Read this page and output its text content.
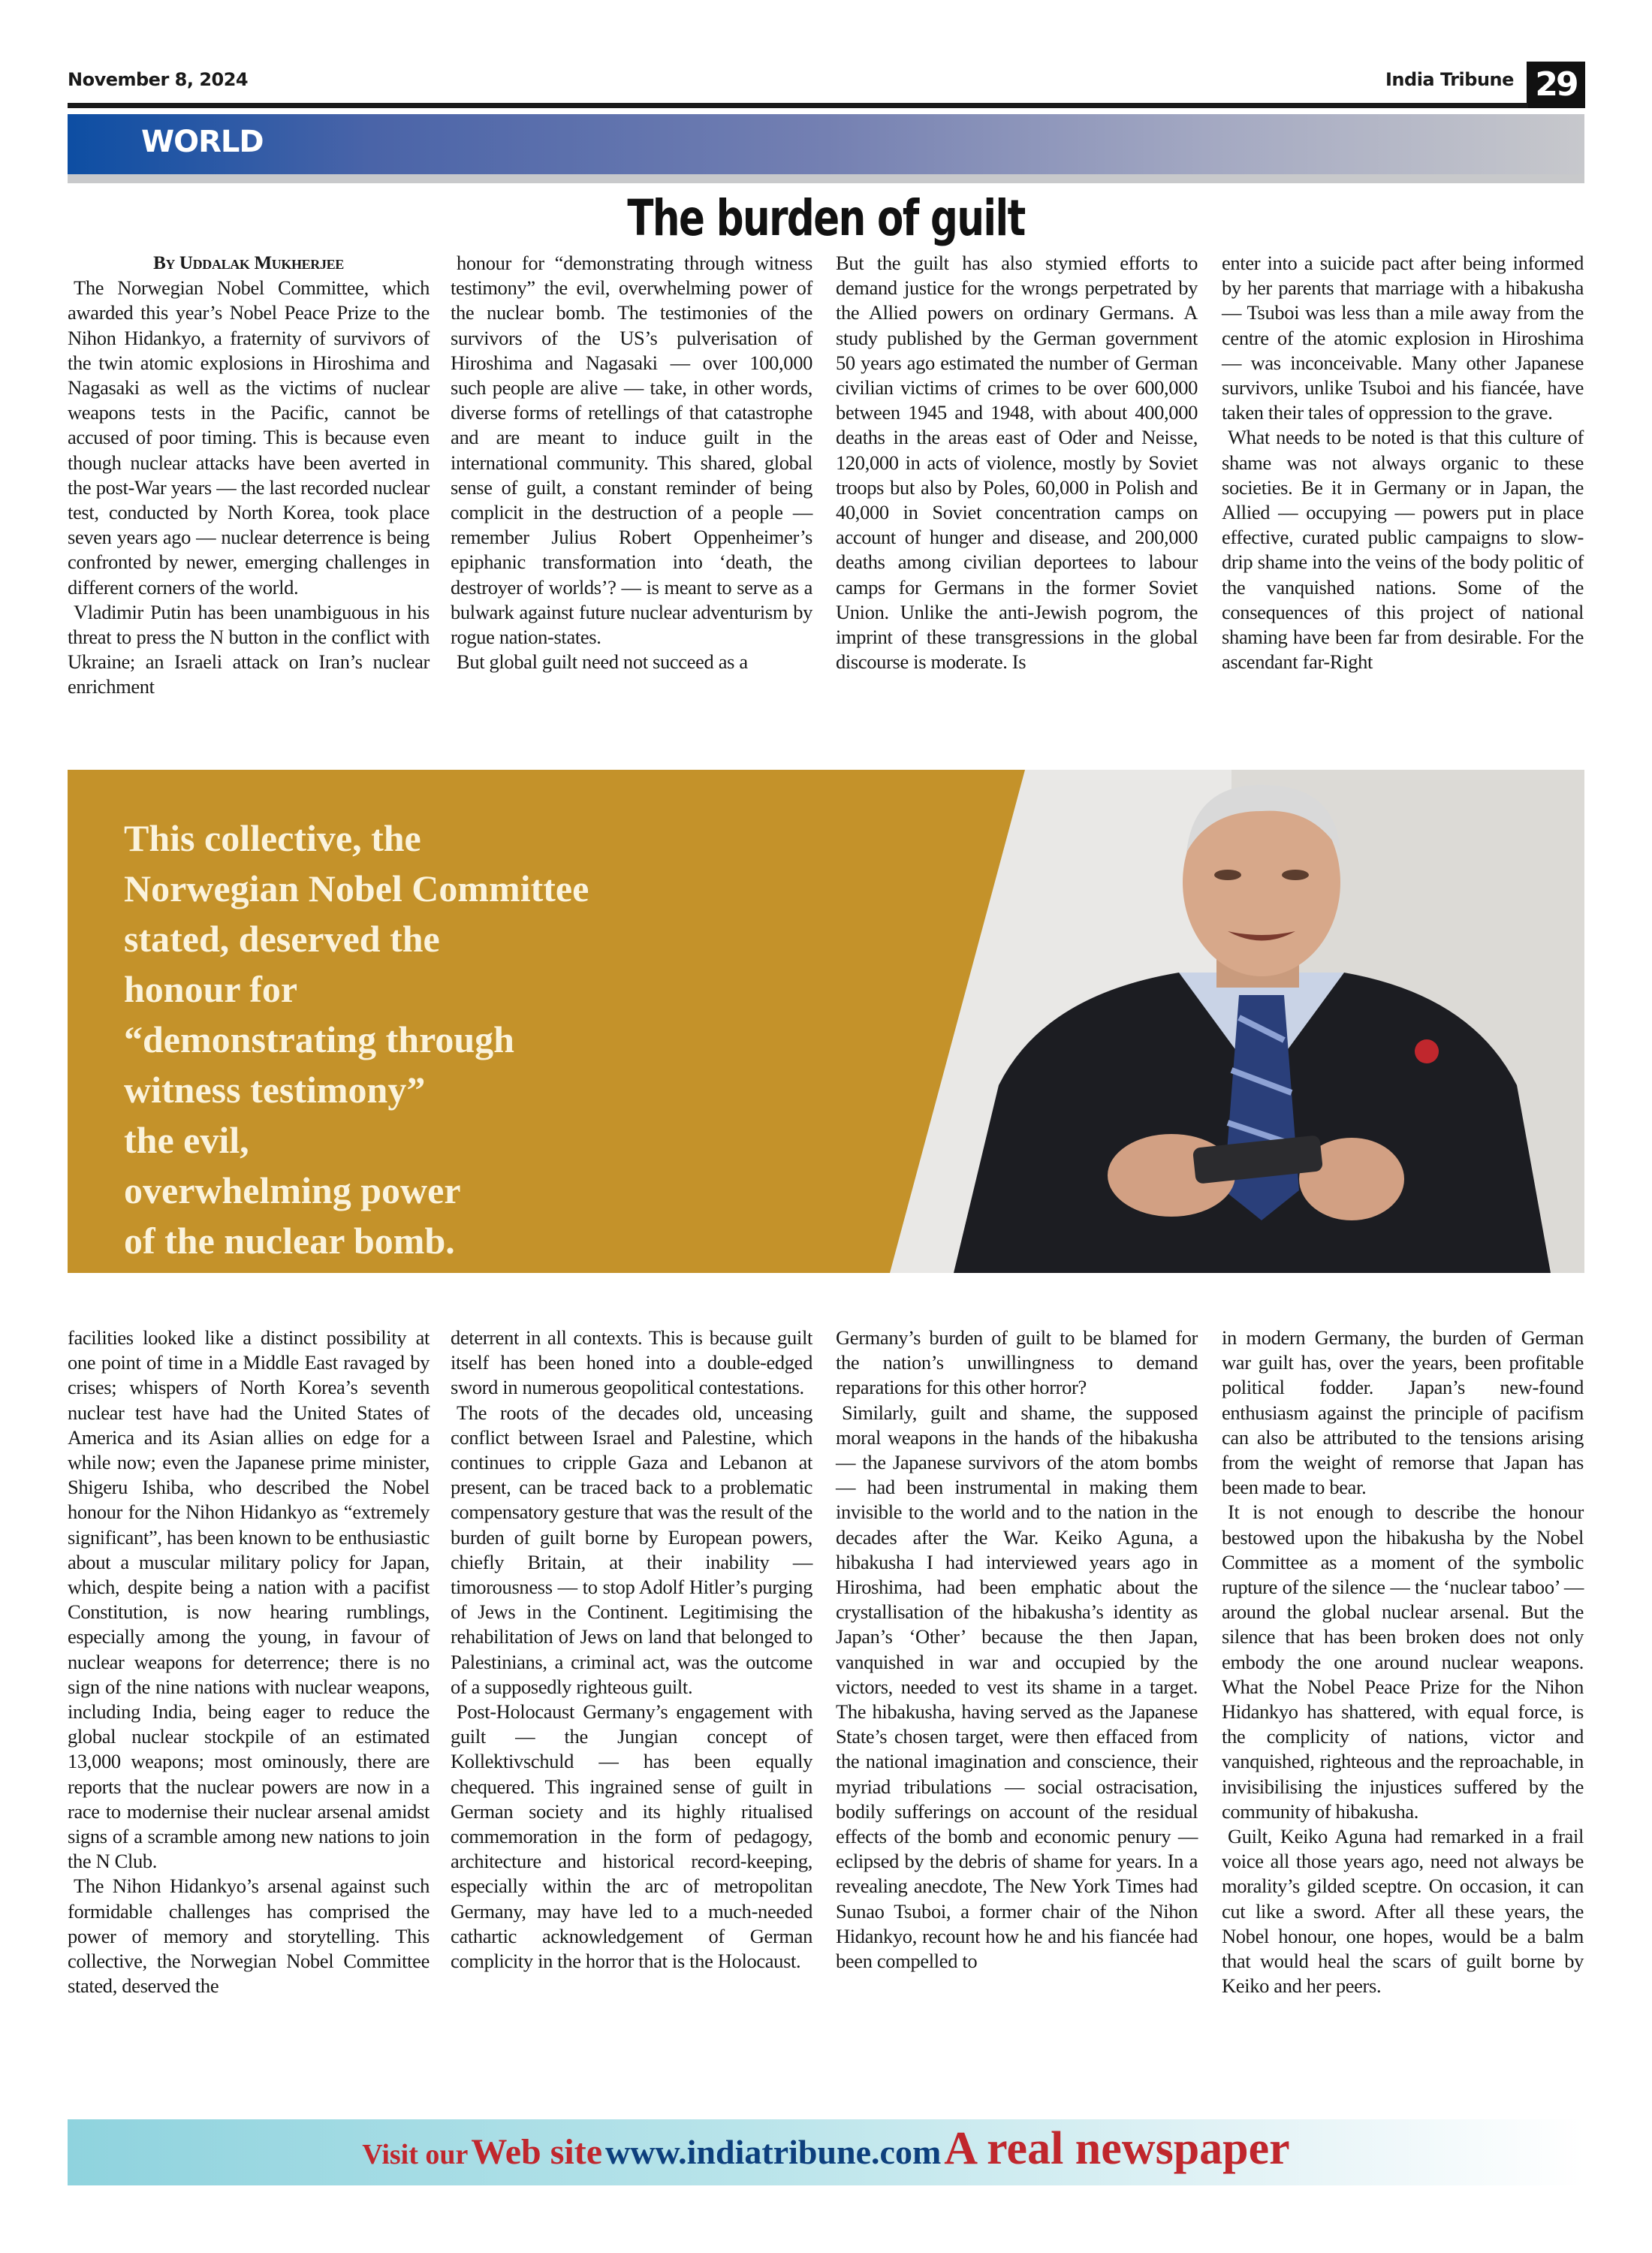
November 8, 2024	India Tribune 29
WORLD
The burden of guilt

By Uddalak Mukherjee

The Norwegian Nobel Committee, which awarded this year’s Nobel Peace Prize to the Nihon Hidankyo, a fraternity of survivors of the twin atomic explosions in Hiroshima and Nagasaki as well as the victims of nuclear weapons tests in the Pacific, cannot be accused of poor timing. This is because even though nuclear attacks have been averted in the post-War years — the last recorded nuclear test, conducted by North Korea, took place seven years ago — nuclear deterrence is being confronted by newer, emerging challenges in different corners of the world.

Vladimir Putin has been unambiguous in his threat to press the N button in the conflict with Ukraine; an Israeli attack on Iran’s nuclear enrichment

honour for “demonstrating through witness testimony” the evil, overwhelming power of the nuclear bomb. The testimonies of the survivors of the US’s pulverisation of Hiroshima and Nagasaki — over 100,000 such people are alive — take, in other words, diverse forms of retellings of that catastrophe and are meant to induce guilt in the international community. This shared, global sense of guilt, a constant reminder of being complicit in the destruction of a people — remember Julius Robert Oppenheimer’s epiphanic transformation into ‘death, the destroyer of worlds’? — is meant to serve as a bulwark against future nuclear adventurism by rogue nation-states.

But global guilt need not succeed as a

But the guilt has also stymied efforts to demand justice for the wrongs perpetrated by the Allied powers on ordinary Germans. A study published by the German government 50 years ago estimated the number of German civilian victims of crimes to be over 600,000 between 1945 and 1948, with about 400,000 deaths in the areas east of Oder and Neisse, 120,000 in acts of violence, mostly by Soviet troops but also by Poles, 60,000 in Polish and 40,000 in Soviet concentration camps on account of hunger and disease, and 200,000 deaths among civilian deportees to labour camps for Germans in the former Soviet Union. Unlike the anti-Jewish pogrom, the imprint of these transgressions in the global discourse is moderate. Is

enter into a suicide pact after being informed by her parents that marriage with a hibakusha — Tsuboi was less than a mile away from the centre of the atomic explosion in Hiroshima — was inconceivable. Many other Japanese survivors, unlike Tsuboi and his fiancée, have taken their tales of oppression to the grave.

What needs to be noted is that this culture of shame was not always organic to these societies. Be it in Germany or in Japan, the Allied — occupying — powers put in place effective, curated public campaigns to slow-drip shame into the veins of the body politic of the vanquished nations. Some of the consequences of this project of national shaming have been far from desirable. For the ascendant far-Right

This collective, the
Norwegian Nobel Committee
stated, deserved the
honour for
“demonstrating through
witness testimony”
the evil,
overwhelming power
of the nuclear bomb.

facilities looked like a distinct possibility at one point of time in a Middle East ravaged by crises; whispers of North Korea’s seventh nuclear test have had the United States of America and its Asian allies on edge for a while now; even the Japanese prime minister, Shigeru Ishiba, who described the Nobel honour for the Nihon Hidankyo as “extremely significant”, has been known to be enthusiastic about a muscular military policy for Japan, which, despite being a nation with a pacifist Constitution, is now hearing rumblings, especially among the young, in favour of nuclear weapons for deterrence; there is no sign of the nine nations with nuclear weapons, including India, being eager to reduce the global nuclear stockpile of an estimated 13,000 weapons; most ominously, there are reports that the nuclear powers are now in a race to modernise their nuclear arsenal amidst signs of a scramble among new nations to join the N Club.

The Nihon Hidankyo’s arsenal against such formidable challenges has comprised the power of memory and storytelling. This collective, the Norwegian Nobel Committee stated, deserved the

deterrent in all contexts. This is because guilt itself has been honed into a double-edged sword in numerous geopolitical contestations.

The roots of the decades old, unceasing conflict between Israel and Palestine, which continues to cripple Gaza and Lebanon at present, can be traced back to a problematic compensatory gesture that was the result of the burden of guilt borne by European powers, chiefly Britain, at their inability — timorousness — to stop Adolf Hitler’s purging of Jews in the Continent. Legitimising the rehabilitation of Jews on land that belonged to Palestinians, a criminal act, was the outcome of a supposedly righteous guilt.

Post-Holocaust Germany’s engagement with guilt — the Jungian concept of Kollektivschuld — has been equally chequered. This ingrained sense of guilt in German society and its highly ritualised commemoration in the form of pedagogy, architecture and historical record-keeping, especially within the arc of metropolitan Germany, may have led to a much-needed cathartic acknowledgement of German complicity in the horror that is the Holocaust.

Germany’s burden of guilt to be blamed for the nation’s unwillingness to demand reparations for this other horror?

Similarly, guilt and shame, the supposed moral weapons in the hands of the hibakusha — the Japanese survivors of the atom bombs — had been instrumental in making them invisible to the world and to the nation in the decades after the War. Keiko Aguna, a hibakusha I had interviewed years ago in Hiroshima, had been emphatic about the crystallisation of the hibakusha’s identity as Japan’s ‘Other’ because the then Japan, vanquished in war and occupied by the victors, needed to vest its shame in a target. The hibakusha, having served as the Japanese State’s chosen target, were then effaced from the national imagination and conscience, their myriad tribulations — social ostracisation, bodily sufferings on account of the residual effects of the bomb and economic penury — eclipsed by the debris of shame for years. In a revealing anecdote, The New York Times had Sunao Tsuboi, a former chair of the Nihon Hidankyo, recount how he and his fiancée had been compelled to

in modern Germany, the burden of German war guilt has, over the years, been profitable political fodder. Japan’s new-found enthusiasm against the principle of pacifism can also be attributed to the tensions arising from the weight of remorse that Japan has been made to bear.

It is not enough to describe the honour bestowed upon the hibakusha by the Nobel Committee as a moment of the symbolic rupture of the silence — the ‘nuclear taboo’ — around the global nuclear arsenal. But the silence that has been broken does not only embody the one around nuclear weapons. What the Nobel Peace Prize for the Nihon Hidankyo has shattered, with equal force, is the complicity of nations, victor and vanquished, righteous and the reproachable, in invisibilising the injustices suffered by the community of hibakusha.

Guilt, Keiko Aguna had remarked in a frail voice all those years ago, need not always be morality’s gilded sceptre. On occasion, it can cut like a sword. After all these years, the Nobel honour, one hopes, would be a balm that would heal the scars of guilt borne by Keiko and her peers.

Visit our Web site www.indiatribune.com A real newspaper
